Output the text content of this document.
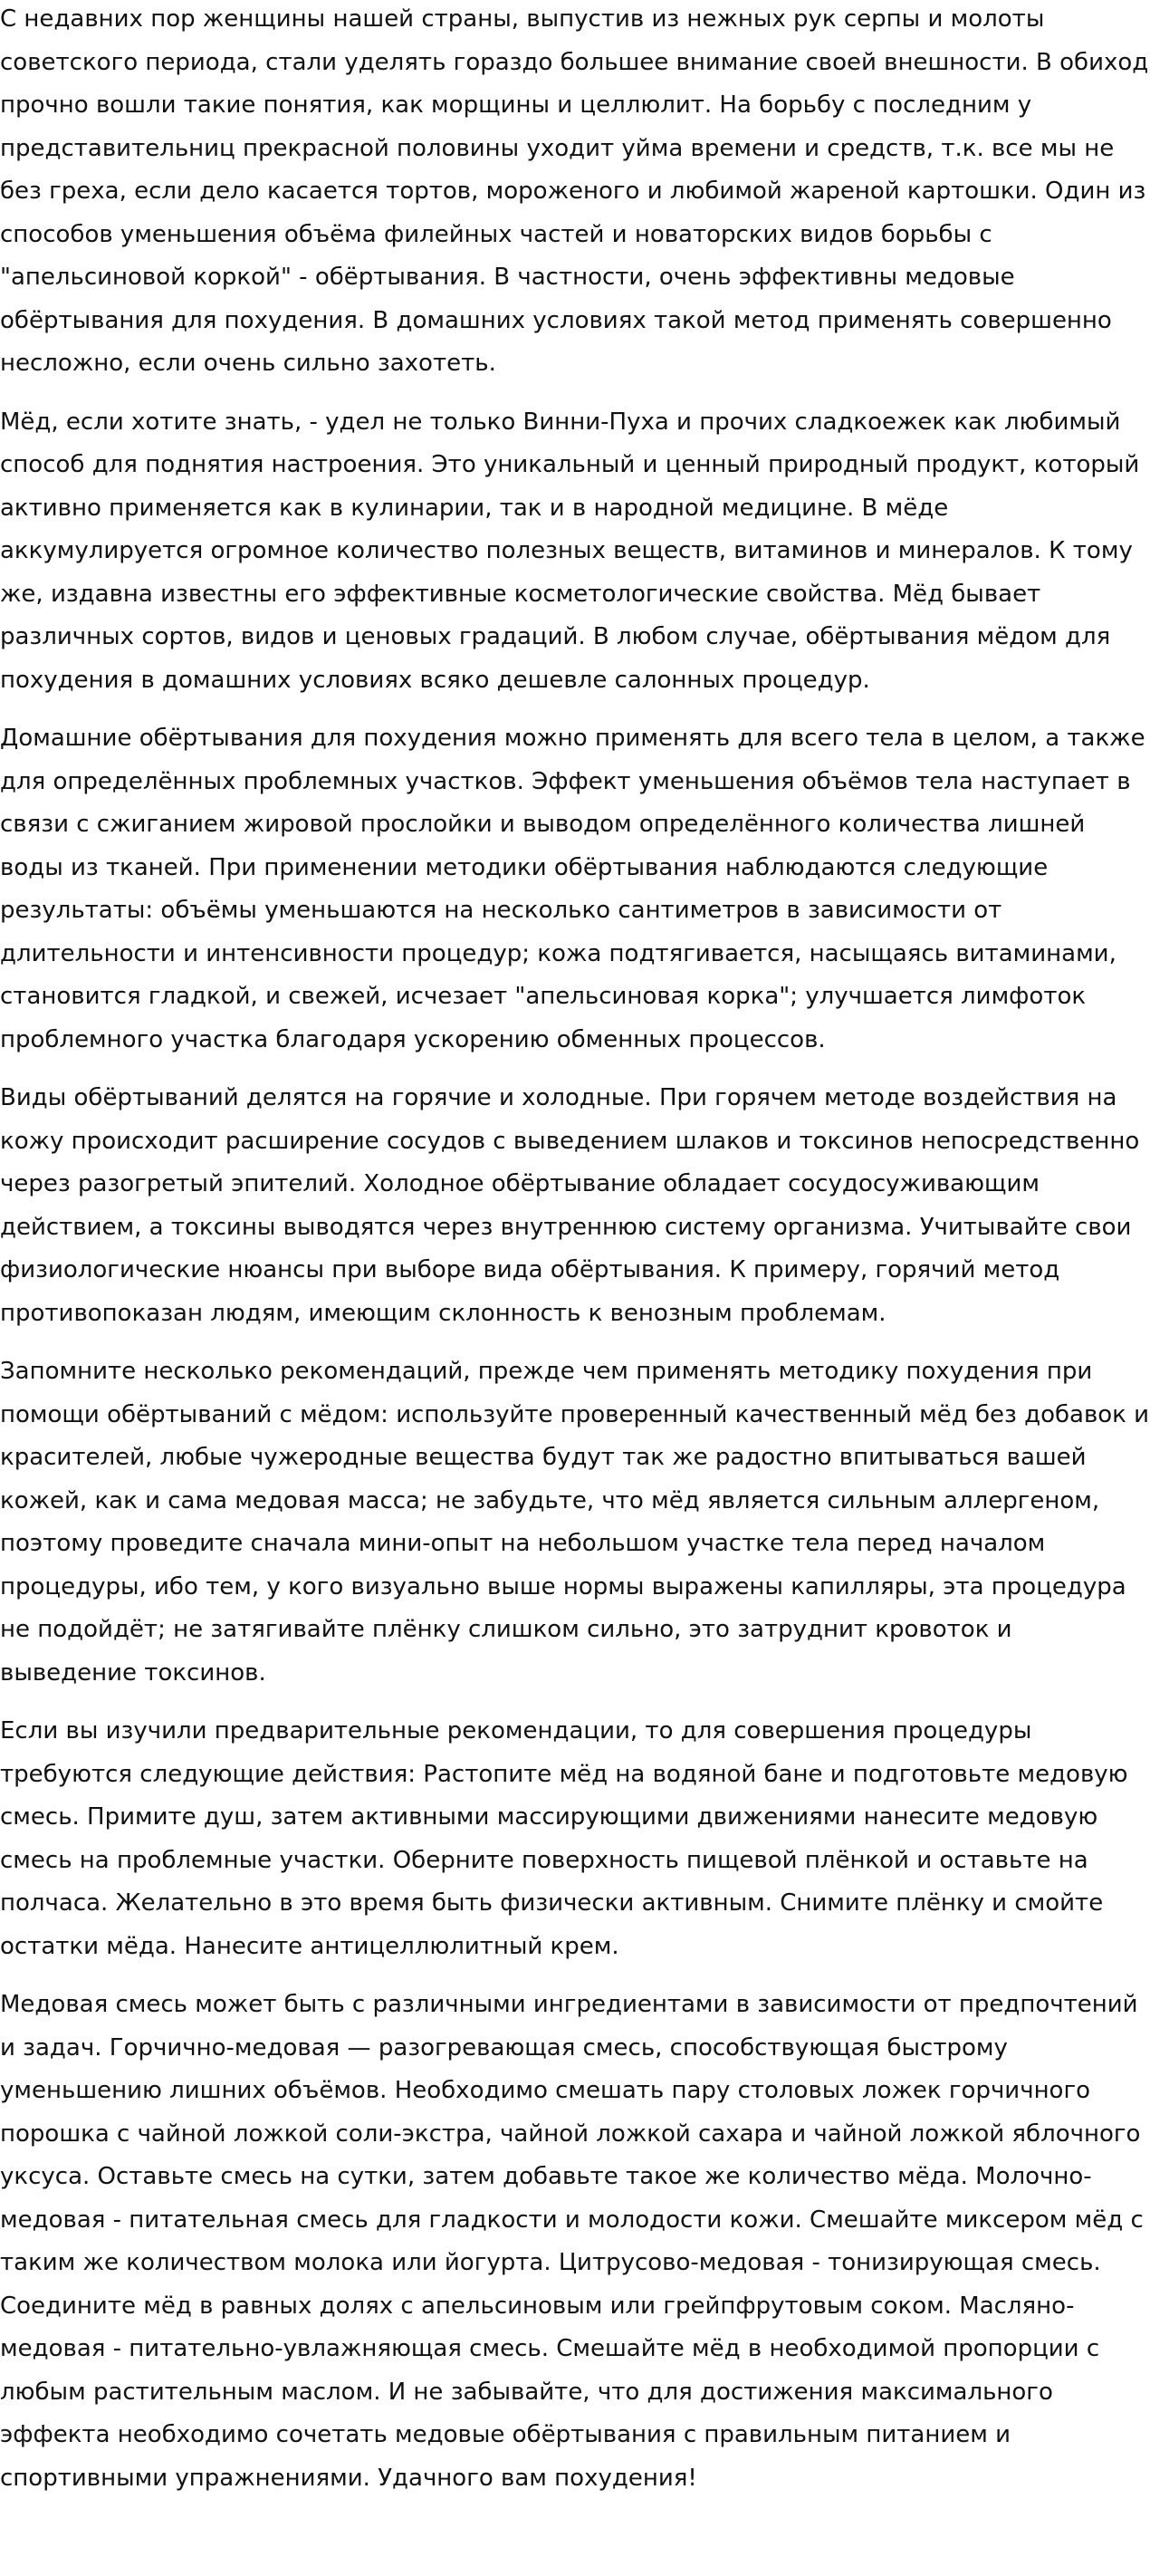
С недавних пор женщины нашей страны, выпустив из нежных рук серпы и молоты советского периода, стали уделять гораздо большее внимание своей внешности. В обиход прочно вошли такие понятия, как морщины и целлюлит. На борьбу с последним у представительниц прекрасной половины уходит уйма времени и средств, т.к. все мы не без греха, если дело касается тортов, мороженого и любимой жареной картошки. Один из способов уменьшения объёма филейных частей и новаторских видов борьбы с "апельсиновой коркой" - обёртывания. В частности, очень эффективны медовые обёртывания для похудения. В домашних условиях такой метод применять совершенно несложно, если очень сильно захотеть.

Мёд, если хотите знать, - удел не только Винни-Пуха и прочих сладкоежек как любимый способ для поднятия настроения. Это уникальный и ценный природный продукт, который активно применяется как в кулинарии, так и в народной медицине. В мёде аккумулируется огромное количество полезных веществ, витаминов и минералов. К тому же, издавна известны его эффективные косметологические свойства. Мёд бывает различных сортов, видов и ценовых градаций. В любом случае, обёртывания мёдом для похудения в домашних условиях всяко дешевле салонных процедур.

Домашние обёртывания для похудения можно применять для всего тела в целом, а также для определённых проблемных участков. Эффект уменьшения объёмов тела наступает в связи с сжиганием жировой прослойки и выводом определённого количества лишней воды из тканей. При применении методики обёртывания наблюдаются следующие результаты: объёмы уменьшаются на несколько сантиметров в зависимости от длительности и интенсивности процедур; кожа подтягивается, насыщаясь витаминами, становится гладкой, и свежей, исчезает "апельсиновая корка"; улучшается лимфоток проблемного участка благодаря ускорению обменных процессов.

Виды обёртываний делятся на горячие и холодные. При горячем методе воздействия на кожу происходит расширение сосудов с выведением шлаков и токсинов непосредственно через разогретый эпителий. Холодное обёртывание обладает сосудосуживающим действием, а токсины выводятся через внутреннюю систему организма. Учитывайте свои физиологические нюансы при выборе вида обёртывания. К примеру, горячий метод противопоказан людям, имеющим склонность к венозным проблемам.

Запомните несколько рекомендаций, прежде чем применять методику похудения при помощи обёртываний с мёдом: используйте проверенный качественный мёд без добавок и красителей, любые чужеродные вещества будут так же радостно впитываться вашей кожей, как и сама медовая масса; не забудьте, что мёд является сильным аллергеном, поэтому проведите сначала мини-опыт на небольшом участке тела перед началом процедуры, ибо тем, у кого визуально выше нормы выражены капилляры, эта процедура не подойдёт; не затягивайте плёнку слишком сильно, это затруднит кровоток и выведение токсинов.

Если вы изучили предварительные рекомендации, то для совершения процедуры требуются следующие действия: Растопите мёд на водяной бане и подготовьте медовую смесь. Примите душ, затем активными массирующими движениями нанесите медовую смесь на проблемные участки. Оберните поверхность пищевой плёнкой и оставьте на полчаса. Желательно в это время быть физически активным. Снимите плёнку и смойте остатки мёда. Нанесите антицеллюлитный крем.

Медовая смесь может быть с различными ингредиентами в зависимости от предпочтений и задач. Горчично-медовая — разогревающая смесь, способствующая быстрому уменьшению лишних объёмов. Необходимо смешать пару столовых ложек горчичного порошка с чайной ложкой соли-экстра, чайной ложкой сахара и чайной ложкой яблочного уксуса. Оставьте смесь на сутки, затем добавьте такое же количество мёда. Молочно-медовая - питательная смесь для гладкости и молодости кожи. Смешайте миксером мёд с таким же количеством молока или йогурта. Цитрусово-медовая - тонизирующая смесь. Соедините мёд в равных долях с апельсиновым или грейпфрутовым соком. Масляно-медовая - питательно-увлажняющая смесь. Смешайте мёд в необходимой пропорции с любым растительным маслом. И не забывайте, что для достижения максимального эффекта необходимо сочетать медовые обёртывания с правильным питанием и спортивными упражнениями. Удачного вам похудения!
